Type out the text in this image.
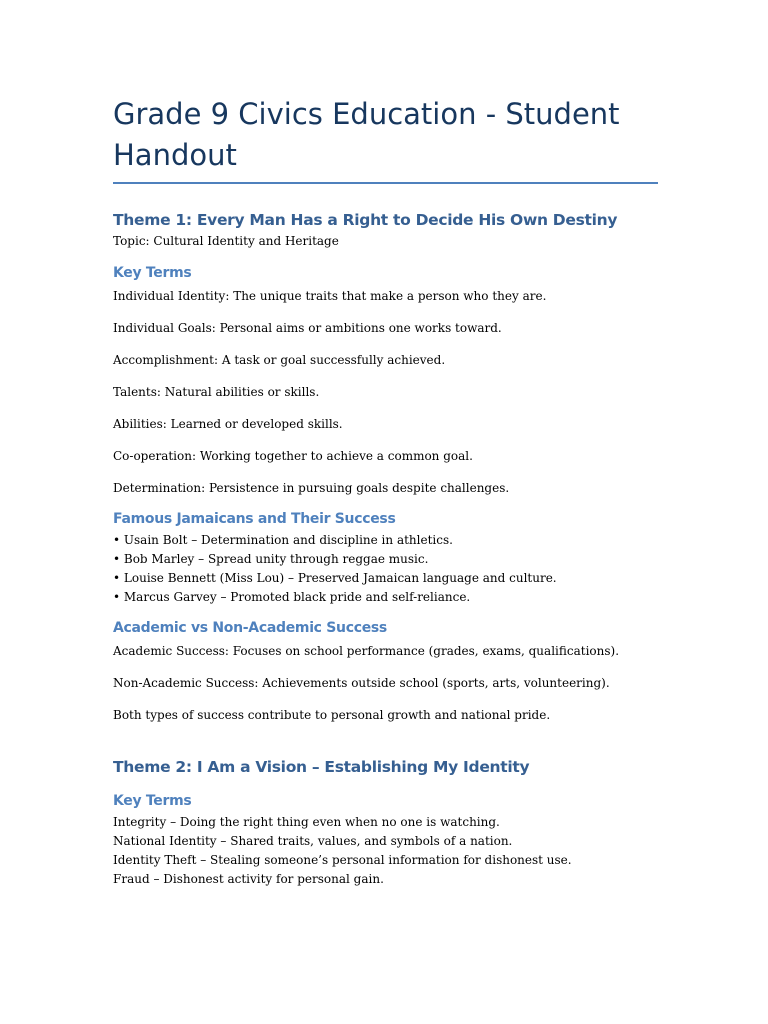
Grade 9 Civics Education - Student Handout
Theme 1: Every Man Has a Right to Decide His Own Destiny

Topic: Cultural Identity and Heritage

Key Terms

Individual Identity: The unique traits that make a person who they are.

Individual Goals: Personal aims or ambitions one works toward.

Accomplishment: A task or goal successfully achieved.

Talents: Natural abilities or skills.

Abilities: Learned or developed skills.

Co-operation: Working together to achieve a common goal.

Determination: Persistence in pursuing goals despite challenges.

Famous Jamaicans and Their Success

• Usain Bolt – Determination and discipline in athletics.

• Bob Marley – Spread unity through reggae music.

• Louise Bennett (Miss Lou) – Preserved Jamaican language and culture.

• Marcus Garvey – Promoted black pride and self-reliance.

Academic vs Non-Academic Success

Academic Success: Focuses on school performance (grades, exams, qualifications).

Non-Academic Success: Achievements outside school (sports, arts, volunteering).

Both types of success contribute to personal growth and national pride.

Theme 2: I Am a Vision – Establishing My Identity
Key Terms

Integrity – Doing the right thing even when no one is watching.

National Identity – Shared traits, values, and symbols of a nation.

Identity Theft – Stealing someone’s personal information for dishonest use.

Fraud – Dishonest activity for personal gain.
